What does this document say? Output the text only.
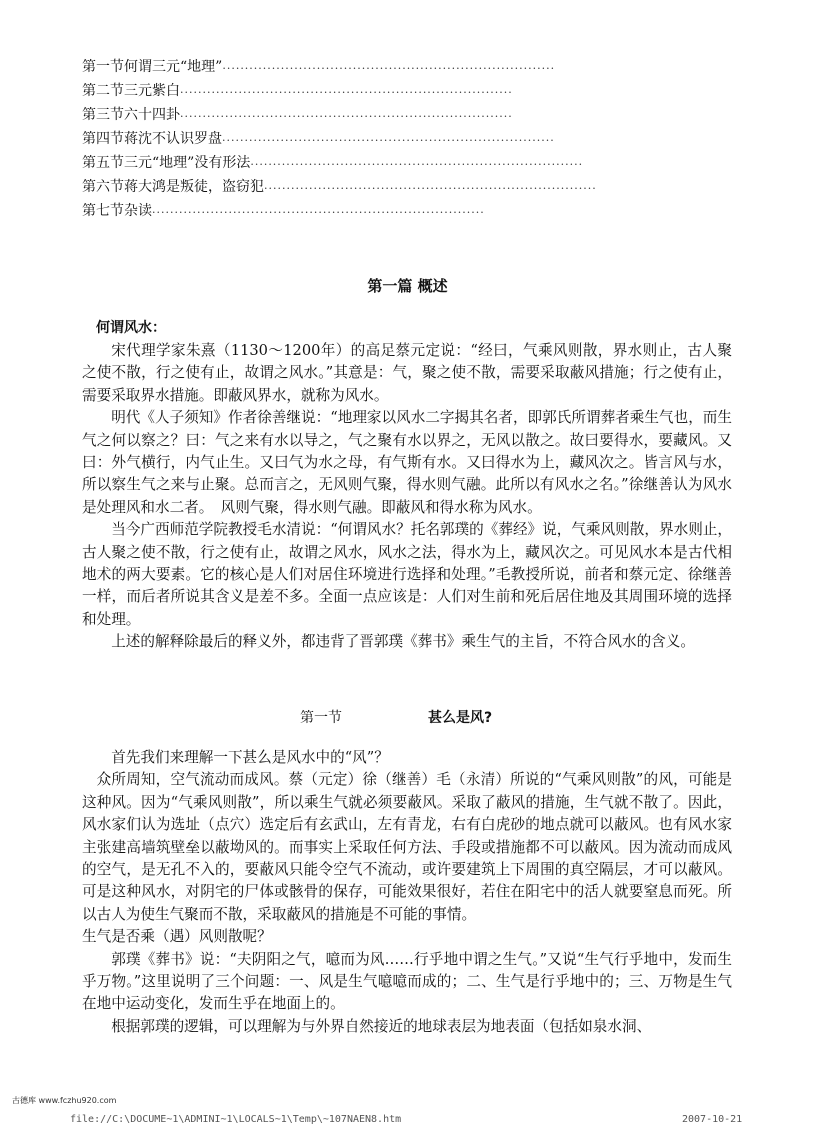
第一节 何谓三元“地理” ··········································································
第二节 三元紫白 ··········································································
第三节 六十四卦 ··········································································
第四节 蒋沈不认识罗盘 ··········································································
第五节 三元“地理”没有形法 ··········································································
第六节 蒋大鸿是叛徒，盗窃犯 ··········································································
第七节 杂读 ··········································································
第一篇 概述

何谓风水：

宋代理学家朱熹（1130～1200年）的高足蔡元定说：“经曰，气乘风则散，界水则止，古人聚之使不散，行之使有止，故谓之风水。”其意是：气，聚之使不散，需要采取蔽风措施；行之使有止，需要采取界水措施。即蔽风界水，就称为风水。

明代《人子须知》作者徐善继说：“地理家以风水二字揭其名者，即郭氏所谓葬者乘生气也，而生气之何以察之？曰：气之来有水以导之，气之聚有水以界之，无风以散之。故曰要得水，要藏风。又曰：外气横行，内气止生。又曰气为水之母，有气斯有水。又曰得水为上，藏风次之。皆言风与水，所以察生气之来与止聚。总而言之，无风则气聚，得水则气融。此所以有风水之名。”徐继善认为风水是处理风和水二者。　风则气聚，得水则气融。即蔽风和得水称为风水。

当今广西师范学院教授毛水清说：“何谓风水？托名郭璞的《葬经》说，气乘风则散，界水则止，古人聚之使不散，行之使有止，故谓之风水，风水之法，得水为上，藏风次之。可见风水本是古代相地术的两大要素。它的核心是人们对居住环境进行选择和处理。”毛教授所说，前者和蔡元定、徐继善一样，而后者所说其含义是差不多。全面一点应该是：人们对生前和死后居住地及其周围环境的选择和处理。

上述的解释除最后的释义外，都违背了晋郭璞《葬书》乘生气的主旨，不符合风水的含义。

第一节	甚么是风?

首先我们来理解一下甚么是风水中的“风”？

众所周知，空气流动而成风。蔡（元定）徐（继善）毛（永清）所说的“气乘风则散”的风，可能是这种风。因为“气乘风则散”，所以乘生气就必须要蔽风。采取了蔽风的措施，生气就不散了。因此，风水家们认为选址（点穴）选定后有玄武山，左有青龙，右有白虎砂的地点就可以蔽风。也有风水家主张建高墙筑壁垒以蔽坳风的。而事实上采取任何方法、手段或措施都不可以蔽风。因为流动而成风的空气，是无孔不入的，要蔽风只能令空气不流动，或许要建筑上下周围的真空隔层，才可以蔽风。可是这种风水，对阴宅的尸体或骸骨的保存，可能效果很好，若住在阳宅中的活人就要窒息而死。所以古人为使生气聚而不散，采取蔽风的措施是不可能的事情。

生气是否乘（遇）风则散呢？

郭璞《葬书》说：“夫阴阳之气，噫而为风……行乎地中谓之生气。”又说“生气行乎地中，发而生乎万物。”这里说明了三个问题：一、风是生气噫噫而成的；二、生气是行乎地中的；三、万物是生气在地中运动变化，发而生乎在地面上的。

根据郭璞的逻辑，可以理解为与外界自然接近的地球表层为地表面（包括如泉水洞、

古德库 www.fczhu920.com
file://C:\DOCUME~1\ADMINI~1\LOCALS~1\Temp\~107NAEN8.htm	2007-10-21
